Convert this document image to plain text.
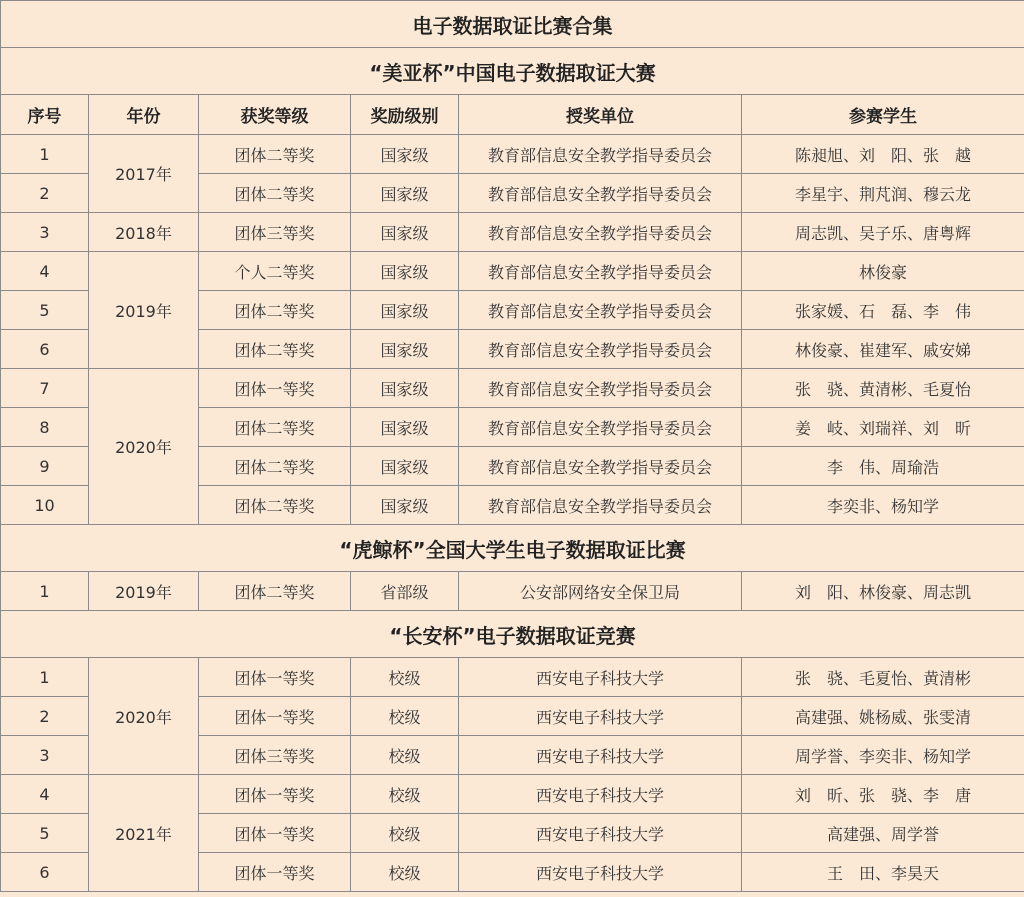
电子数据取证比赛合集					
“美亚杯”中国电子数据取证大赛					
序号	年份	获奖等级	奖励级别	授奖单位	参赛学生
1	2017年	团体二等奖	国家级	教育部信息安全教学指导委员会	陈昶旭、刘　阳、张　越
2		团体二等奖	国家级	教育部信息安全教学指导委员会	李星宇、荆芃润、穆云龙
3	2018年	团体三等奖	国家级	教育部信息安全教学指导委员会	周志凯、吴子乐、唐粤辉
4	2019年	个人二等奖	国家级	教育部信息安全教学指导委员会	林俊豪
5		团体二等奖	国家级	教育部信息安全教学指导委员会	张家媛、石　磊、李　伟
6		团体二等奖	国家级	教育部信息安全教学指导委员会	林俊豪、崔建军、戚安娣
7	2020年	团体一等奖	国家级	教育部信息安全教学指导委员会	张　骁、黄清彬、毛夏怡
8		团体二等奖	国家级	教育部信息安全教学指导委员会	姜　岐、刘瑞祥、刘　昕
9		团体二等奖	国家级	教育部信息安全教学指导委员会	李　伟、周瑜浩
10		团体二等奖	国家级	教育部信息安全教学指导委员会	李奕非、杨知学
“虎鲸杯”全国大学生电子数据取证比赛					
1	2019年	团体二等奖	省部级	公安部网络安全保卫局	刘　阳、林俊豪、周志凯
“长安杯”电子数据取证竞赛					
1	2020年	团体一等奖	校级	西安电子科技大学	张　骁、毛夏怡、黄清彬
2		团体一等奖	校级	西安电子科技大学	高建强、姚杨威、张雯清
3		团体三等奖	校级	西安电子科技大学	周学誉、李奕非、杨知学
4	2021年	团体一等奖	校级	西安电子科技大学	刘　昕、张　骁、李　唐
5		团体一等奖	校级	西安电子科技大学	高建强、周学誉
6		团体一等奖	校级	西安电子科技大学	王　田、李昊天
